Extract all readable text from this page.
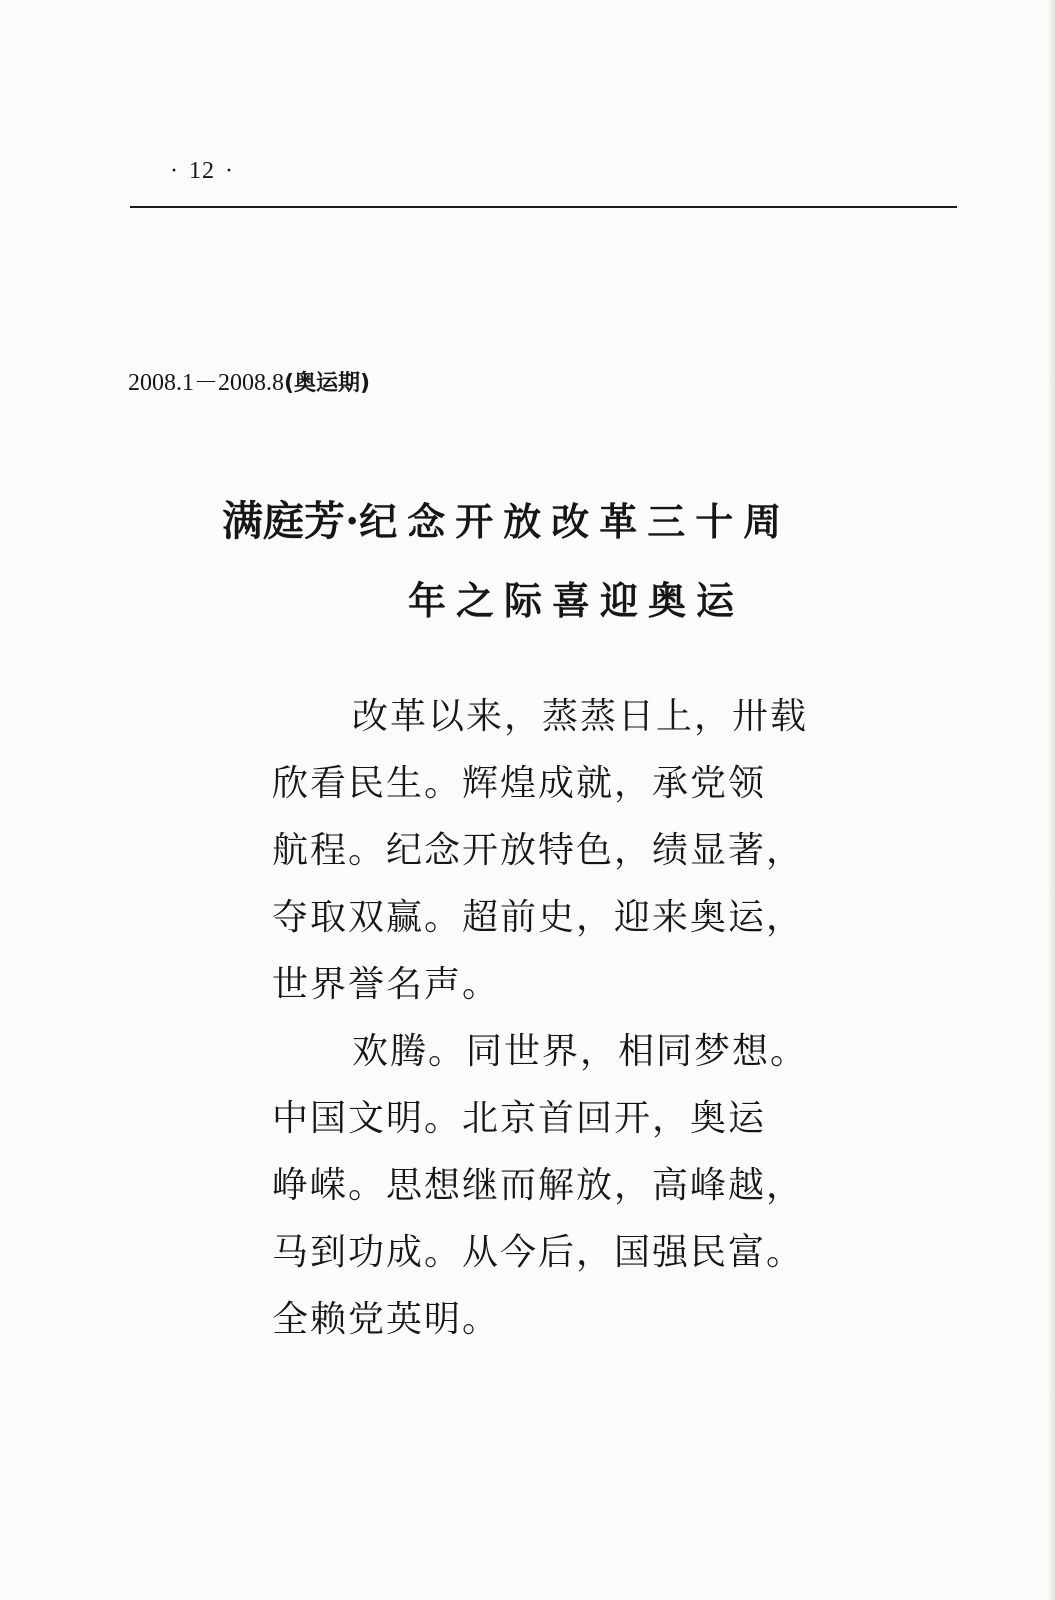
· 12 ·
2008.1－2008.8(奥运期)
满庭芳·纪念开放改革三十周
年之际喜迎奥运
改革以来，蒸蒸日上，卅载
欣看民生。辉煌成就，承党领
航程。纪念开放特色，绩显著，
夺取双赢。超前史，迎来奥运，
世界誉名声。
欢腾。同世界，相同梦想。
中国文明。北京首回开，奥运
峥嵘。思想继而解放，高峰越，
马到功成。从今后，国强民富。
全赖党英明。
